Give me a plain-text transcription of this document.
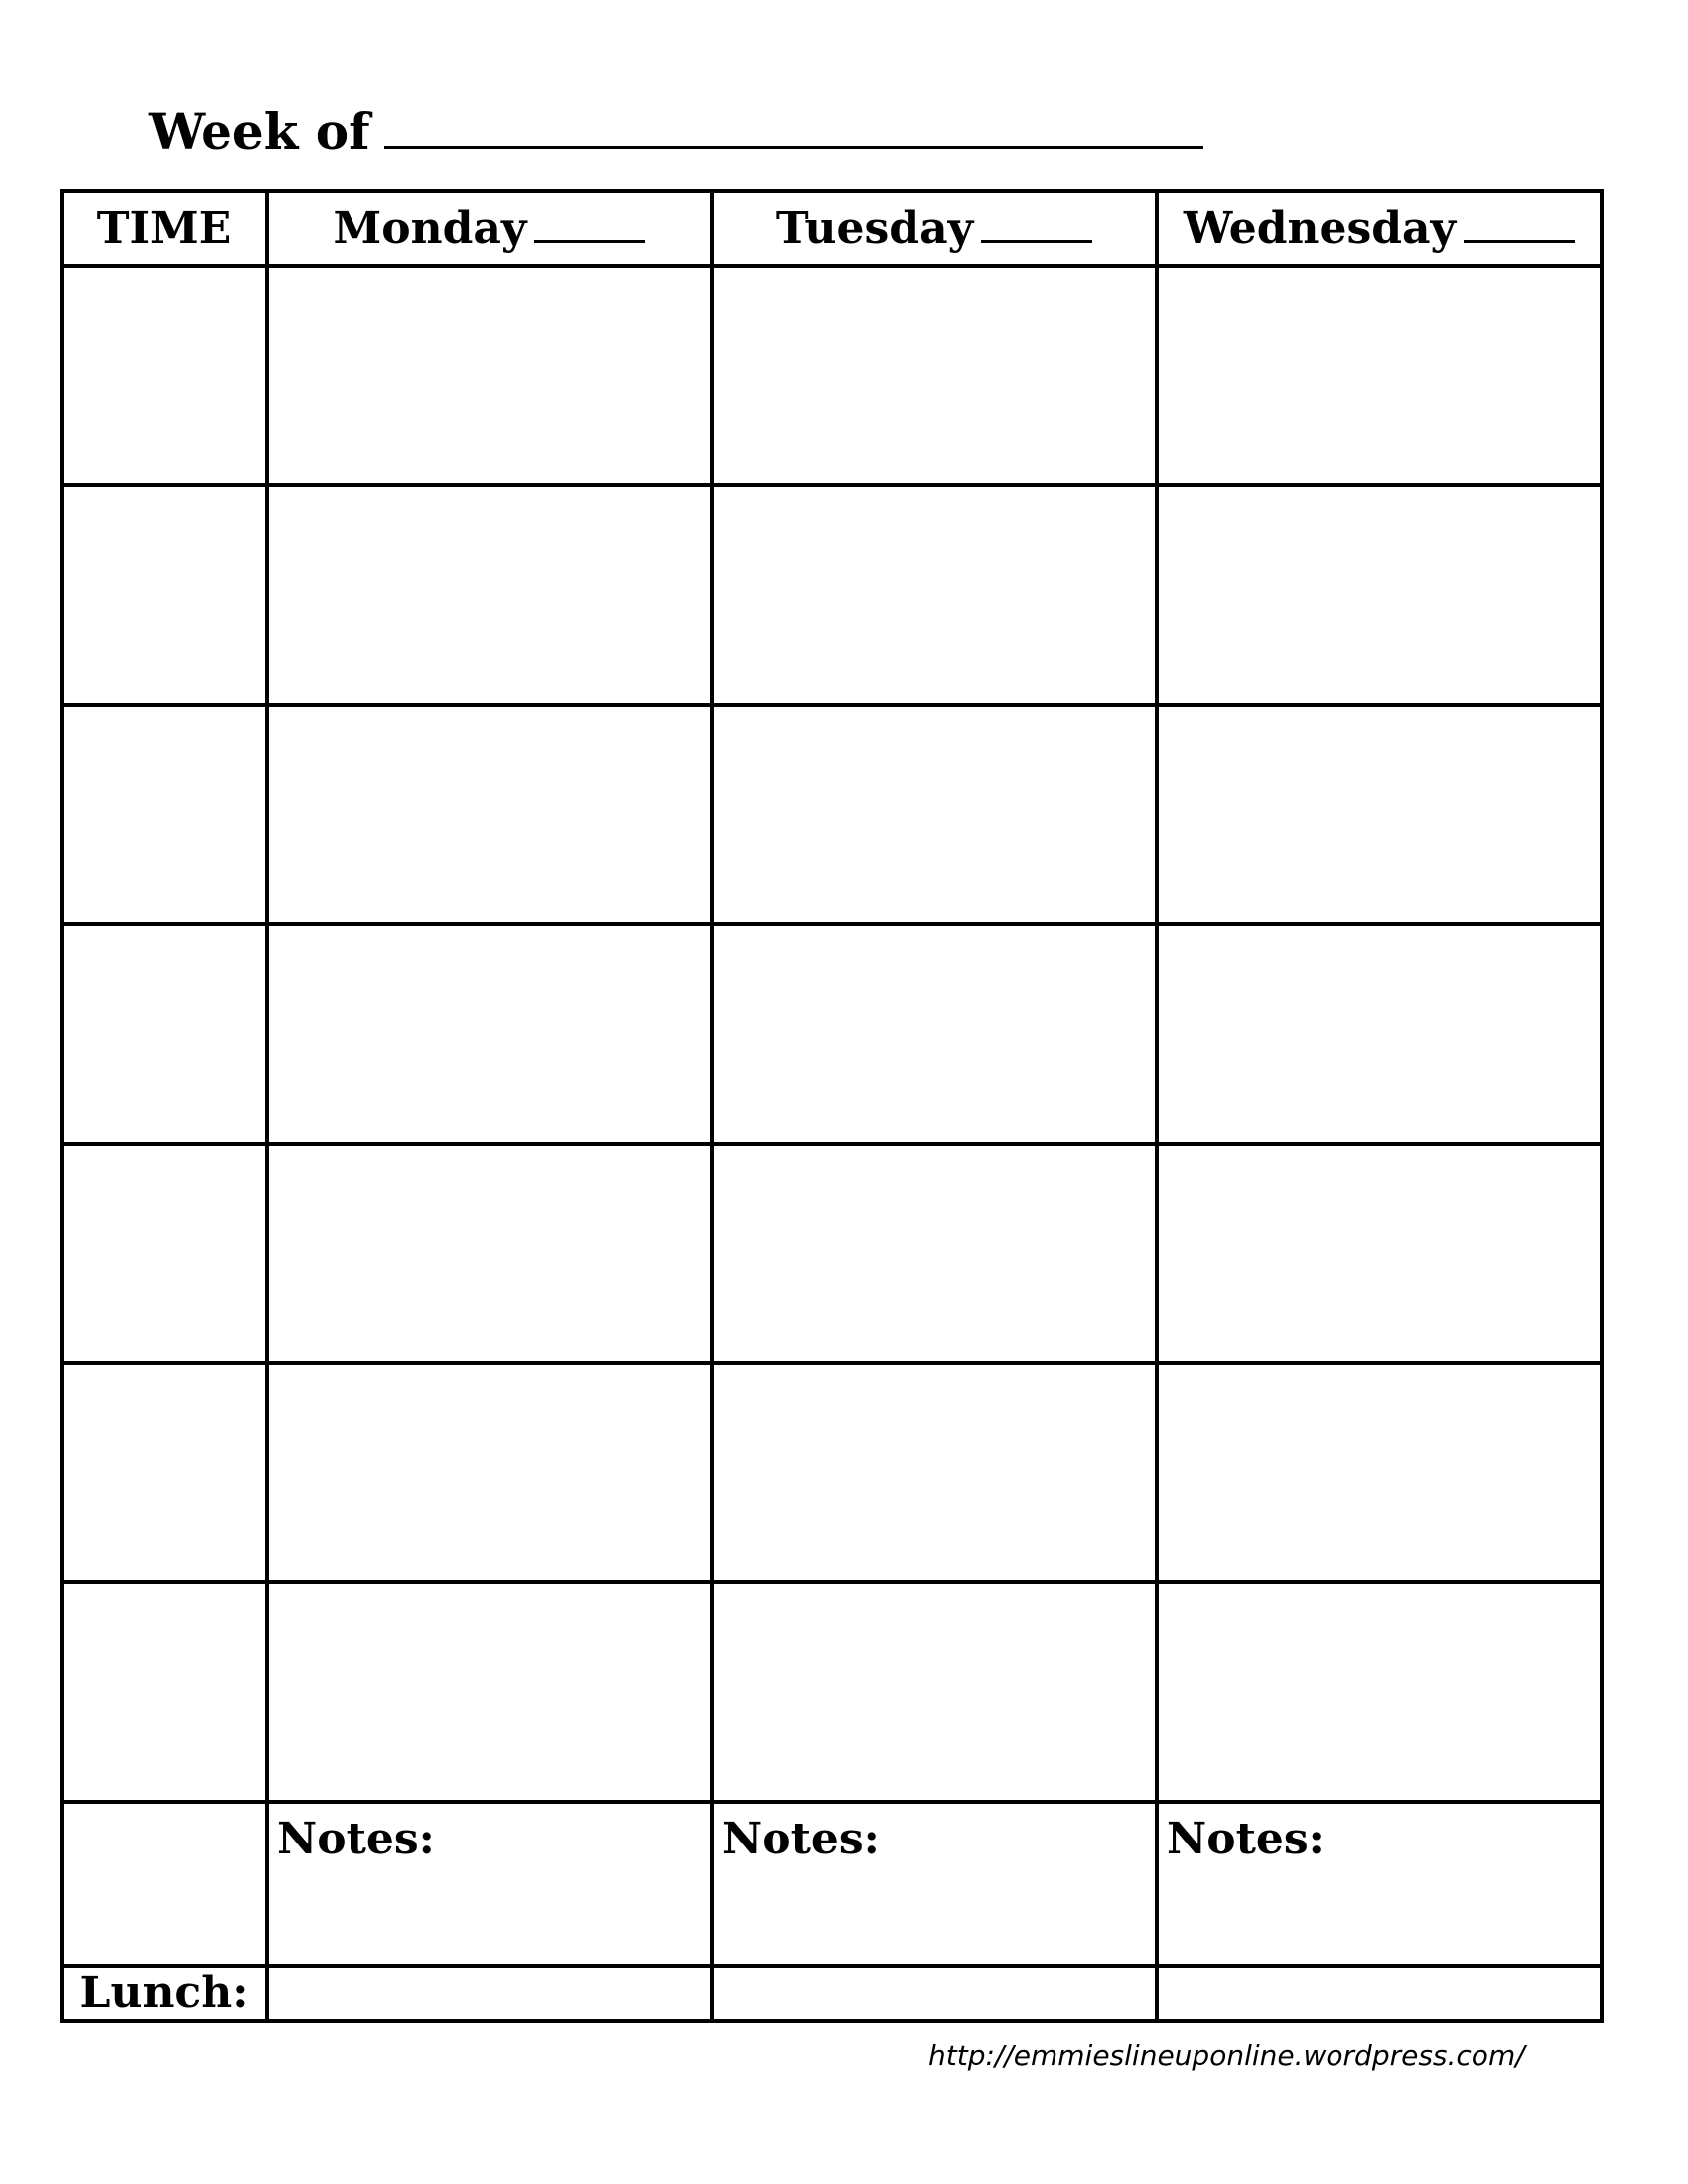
Week of
TIME	Monday	Tuesday	Wednesday

	Notes:	Notes:	Notes:
Lunch:			
http://emmieslineuponline.wordpress.com/
